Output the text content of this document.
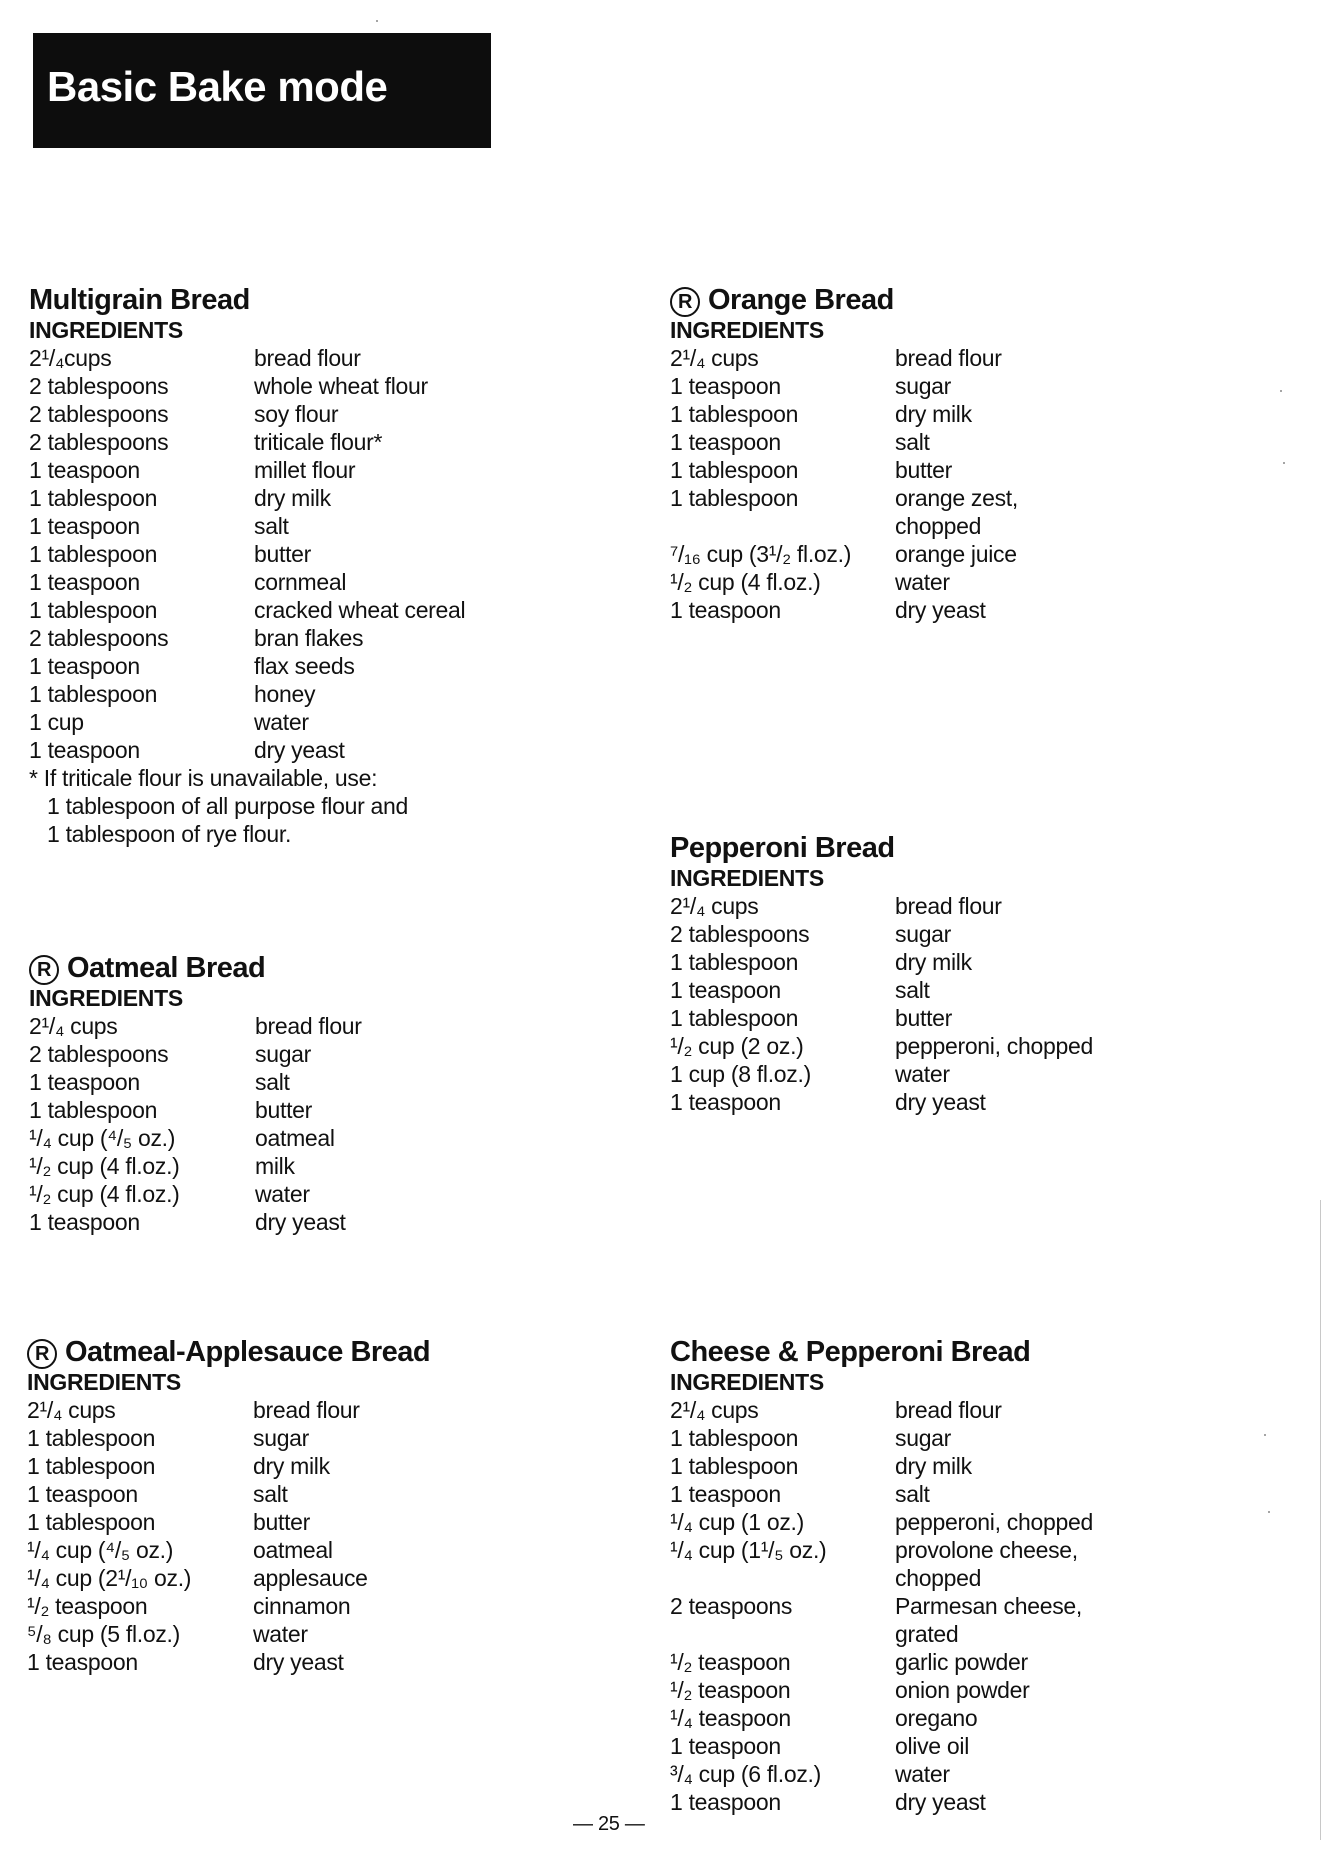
Basic Bake mode
Multigrain Bread
INGREDIENTS
2¹/₄cups	bread flour
2 tablespoons	whole wheat flour
2 tablespoons	soy flour
2 tablespoons	triticale flour*
1 teaspoon	millet flour
1 tablespoon	dry milk
1 teaspoon	salt
1 tablespoon	butter
1 teaspoon	cornmeal
1 tablespoon	cracked wheat cereal
2 tablespoons	bran flakes
1 teaspoon	flax seeds
1 tablespoon	honey
1 cup	water
1 teaspoon	dry yeast
* If triticale flour is unavailable, use:
1 tablespoon of all purpose flour and
1 tablespoon of rye flour.
R Oatmeal Bread
INGREDIENTS
2¹/₄ cups	bread flour
2 tablespoons	sugar
1 teaspoon	salt
1 tablespoon	butter
¹/₄ cup (⁴/₅ oz.)	oatmeal
¹/₂ cup (4 fl.oz.)	milk
¹/₂ cup (4 fl.oz.)	water
1 teaspoon	dry yeast
R Oatmeal-Applesauce Bread
INGREDIENTS
2¹/₄ cups	bread flour
1 tablespoon	sugar
1 tablespoon	dry milk
1 teaspoon	salt
1 tablespoon	butter
¹/₄ cup (⁴/₅ oz.)	oatmeal
¹/₄ cup (2¹/₁₀ oz.)	applesauce
¹/₂ teaspoon	cinnamon
⁵/₈ cup (5 fl.oz.)	water
1 teaspoon	dry yeast
R Orange Bread
INGREDIENTS
2¹/₄ cups	bread flour
1 teaspoon	sugar
1 tablespoon	dry milk
1 teaspoon	salt
1 tablespoon	butter
1 tablespoon	orange zest,
chopped
⁷/₁₆ cup (3¹/₂ fl.oz.) orange juice
¹/₂ cup (4 fl.oz.)	water
1 teaspoon	dry yeast
Pepperoni Bread
INGREDIENTS
2¹/₄ cups	bread flour
2 tablespoons	sugar
1 tablespoon	dry milk
1 teaspoon	salt
1 tablespoon	butter
¹/₂ cup (2 oz.)	pepperoni, chopped
1 cup (8 fl.oz.)	water
1 teaspoon	dry yeast
Cheese & Pepperoni Bread
INGREDIENTS
2¹/₄ cups	bread flour
1 tablespoon	sugar
1 tablespoon	dry milk
1 teaspoon	salt
¹/₄ cup (1 oz.)	pepperoni, chopped
¹/₄ cup (1¹/₅ oz.)	provolone cheese,
chopped
2 teaspoons	Parmesan cheese,
grated
¹/₂ teaspoon	garlic powder
¹/₂ teaspoon	onion powder
¹/₄ teaspoon	oregano
1 teaspoon	olive oil
³/₄ cup (6 fl.oz.)	water
1 teaspoon	dry yeast
— 25 —
